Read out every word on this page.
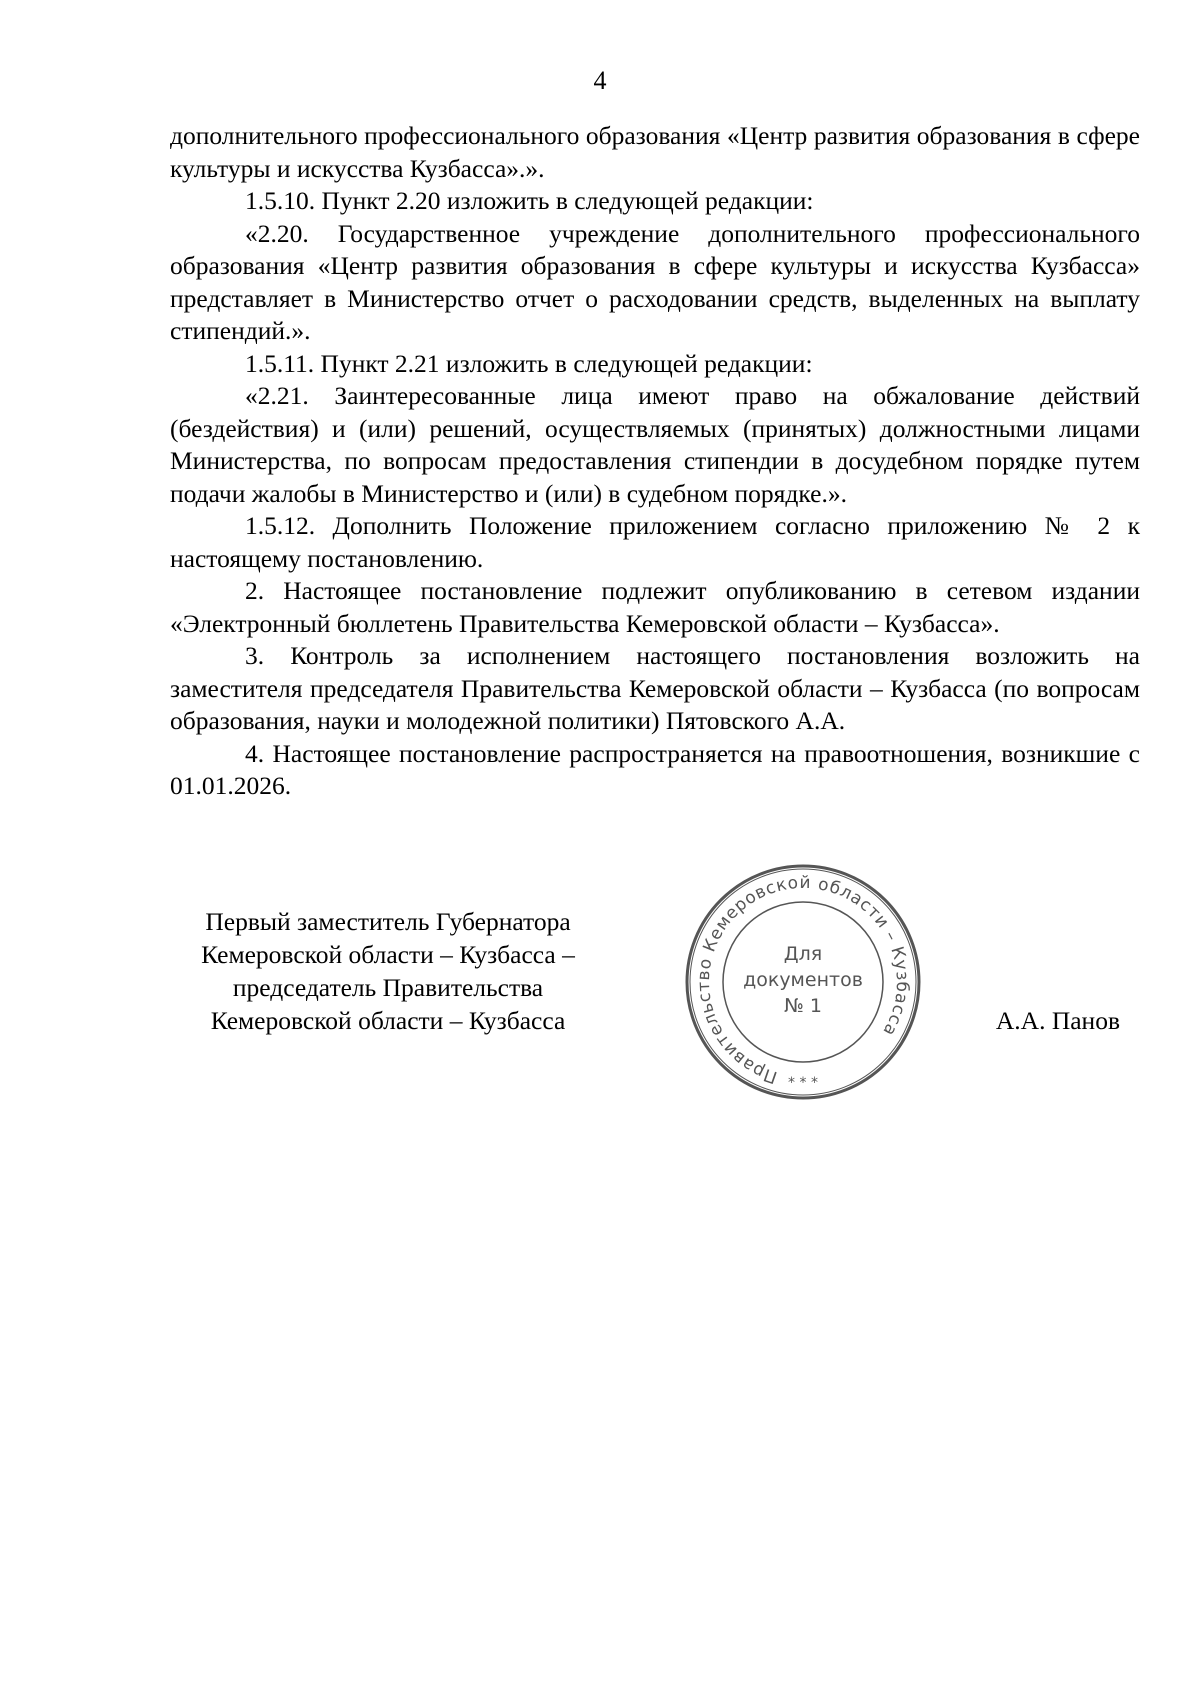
4

дополнительного профессионального образования «Центр развития образования в сфере культуры и искусства Кузбасса».».

1.5.10. Пункт 2.20 изложить в следующей редакции:

«2.20. Государственное учреждение дополнительного профессионального образования «Центр развития образования в сфере культуры и искусства Кузбасса» представляет в Министерство отчет о расходовании средств, выделенных на выплату стипендий.».

1.5.11. Пункт 2.21 изложить в следующей редакции:

«2.21. Заинтересованные лица имеют право на обжалование действий (бездействия) и (или) решений, осуществляемых (принятых) должностными лицами Министерства, по вопросам предоставления стипендии в досудебном порядке путем подачи жалобы в Министерство и (или) в судебном порядке.».

1.5.12. Дополнить Положение приложением согласно приложению № 2 к настоящему постановлению.

2. Настоящее постановление подлежит опубликованию в сетевом издании «Электронный бюллетень Правительства Кемеровской области – Кузбасса».

3. Контроль за исполнением настоящего постановления возложить на заместителя председателя Правительства Кемеровской области – Кузбасса (по вопросам образования, науки и молодежной политики) Пятовского А.А.

4. Настоящее постановление распространяется на правоотношения, возникшие с 01.01.2026.

Первый заместитель Губернатора
Кемеровской области – Кузбасса –
председатель Правительства
Кемеровской области – Кузбасса	А.А. Панов
Правительство Кемеровской области – Кузбасса
* * *
Для
документов
№ 1
